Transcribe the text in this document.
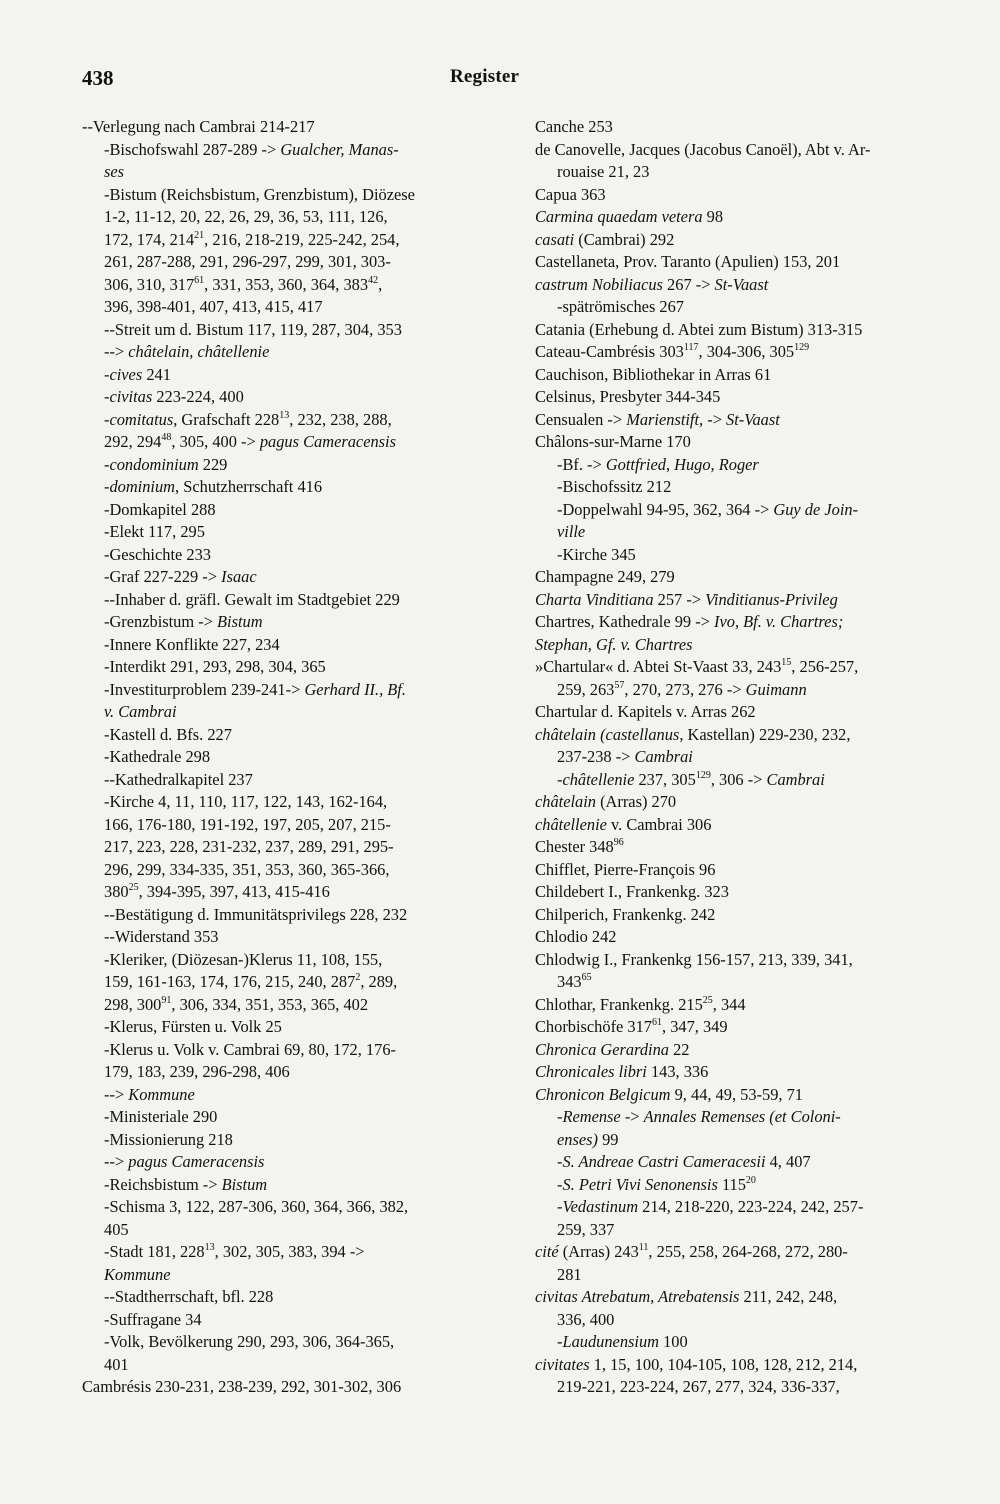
438	Register
--Verlegung nach Cambrai 214-217
-Bischofswahl 287-289 -> Gualcher, Manas-
ses
-Bistum (Reichsbistum, Grenzbistum), Diözese
1-2, 11-12, 20, 22, 26, 29, 36, 53, 111, 126,
172, 174, $214^{21}$, 216, 218-219, 225-242, 254,
261, 287-288, 291, 296-297, 299, 301, 303-
306, 310, $317^{61}$, 331, 353, 360, 364, $383^{42}$,
396, 398-401, 407, 413, 415, 417
--Streit um d. Bistum 117, 119, 287, 304, 353
--> châtelain, châtellenie
-cives 241
-civitas 223-224, 400
-comitatus, Grafschaft $228^{13}$, 232, 238, 288,
292, $294^{48}$, 305, 400 -> pagus Cameracensis
-condominium 229
-dominium, Schutzherrschaft 416
-Domkapitel 288
-Elekt 117, 295
-Geschichte 233
-Graf 227-229 -> Isaac
--Inhaber d. gräfl. Gewalt im Stadtgebiet 229
-Grenzbistum -> Bistum
-Innere Konflikte 227, 234
-Interdikt 291, 293, 298, 304, 365
-Investiturproblem 239-241-> Gerhard II., Bf.
v. Cambrai
-Kastell d. Bfs. 227
-Kathedrale 298
--Kathedralkapitel 237
-Kirche 4, 11, 110, 117, 122, 143, 162-164,
166, 176-180, 191-192, 197, 205, 207, 215-
217, 223, 228, 231-232, 237, 289, 291, 295-
296, 299, 334-335, 351, 353, 360, 365-366,
$380^{25}$, 394-395, 397, 413, 415-416
--Bestätigung d. Immunitätsprivilegs 228, 232
--Widerstand 353
-Kleriker, (Diözesan-)Klerus 11, 108, 155,
159, 161-163, 174, 176, 215, 240, $287^2$, 289,
298, $300^{91}$, 306, 334, 351, 353, 365, 402
-Klerus, Fürsten u. Volk 25
-Klerus u. Volk v. Cambrai 69, 80, 172, 176-
179, 183, 239, 296-298, 406
--> Kommune
-Ministeriale 290
-Missionierung 218
--> pagus Cameracensis
-Reichsbistum -> Bistum
-Schisma 3, 122, 287-306, 360, 364, 366, 382,
405
-Stadt 181, $228^{13}$, 302, 305, 383, 394 ->
Kommune
--Stadtherrschaft, bfl. 228
-Suffragane 34
-Volk, Bevölkerung 290, 293, 306, 364-365,
401
Cambrésis 230-231, 238-239, 292, 301-302, 306
Canche 253
de Canovelle, Jacques (Jacobus Canoël), Abt v. Ar-
rouaise 21, 23
Capua 363
Carmina quaedam vetera 98
casati (Cambrai) 292
Castellaneta, Prov. Taranto (Apulien) 153, 201
castrum Nobiliacus 267 -> St-Vaast
-spätrömisches 267
Catania (Erhebung d. Abtei zum Bistum) 313-315
Cateau-Cambrésis $303^{117}$, 304-306, $305^{129}$
Cauchison, Bibliothekar in Arras 61
Celsinus, Presbyter 344-345
Censualen -> Marienstift, -> St-Vaast
Châlons-sur-Marne 170
-Bf. -> Gottfried, Hugo, Roger
-Bischofssitz 212
-Doppelwahl 94-95, 362, 364 -> Guy de Join-
ville
-Kirche 345
Champagne 249, 279
Charta Vinditiana 257 -> Vinditianus-Privileg
Chartres, Kathedrale 99 -> Ivo, Bf. v. Chartres;
Stephan, Gf. v. Chartres
»Chartular« d. Abtei St-Vaast 33, $243^{15}$, 256-257,
259, $263^{57}$, 270, 273, 276 -> Guimann
Chartular d. Kapitels v. Arras 262
châtelain (castellanus, Kastellan) 229-230, 232,
237-238 -> Cambrai
-châtellenie 237, $305^{129}$, 306 -> Cambrai
châtelain (Arras) 270
châtellenie v. Cambrai 306
Chester $348^{96}$
Chifflet, Pierre-François 96
Childebert I., Frankenkg. 323
Chilperich, Frankenkg. 242
Chlodio 242
Chlodwig I., Frankenkg 156-157, 213, 339, 341,
$343^{65}$
Chlothar, Frankenkg. $215^{25}$, 344
Chorbischöfe $317^{61}$, 347, 349
Chronica Gerardina 22
Chronicales libri 143, 336
Chronicon Belgicum 9, 44, 49, 53-59, 71
-Remense -> Annales Remenses (et Coloni-
enses) 99
-S. Andreae Castri Cameracesii 4, 407
-S. Petri Vivi Senonensis $115^{20}$
-Vedastinum 214, 218-220, 223-224, 242, 257-
259, 337
cité (Arras) $243^{11}$, 255, 258, 264-268, 272, 280-
281
civitas Atrebatum, Atrebatensis 211, 242, 248,
336, 400
-Laudunensium 100
civitates 1, 15, 100, 104-105, 108, 128, 212, 214,
219-221, 223-224, 267, 277, 324, 336-337,
